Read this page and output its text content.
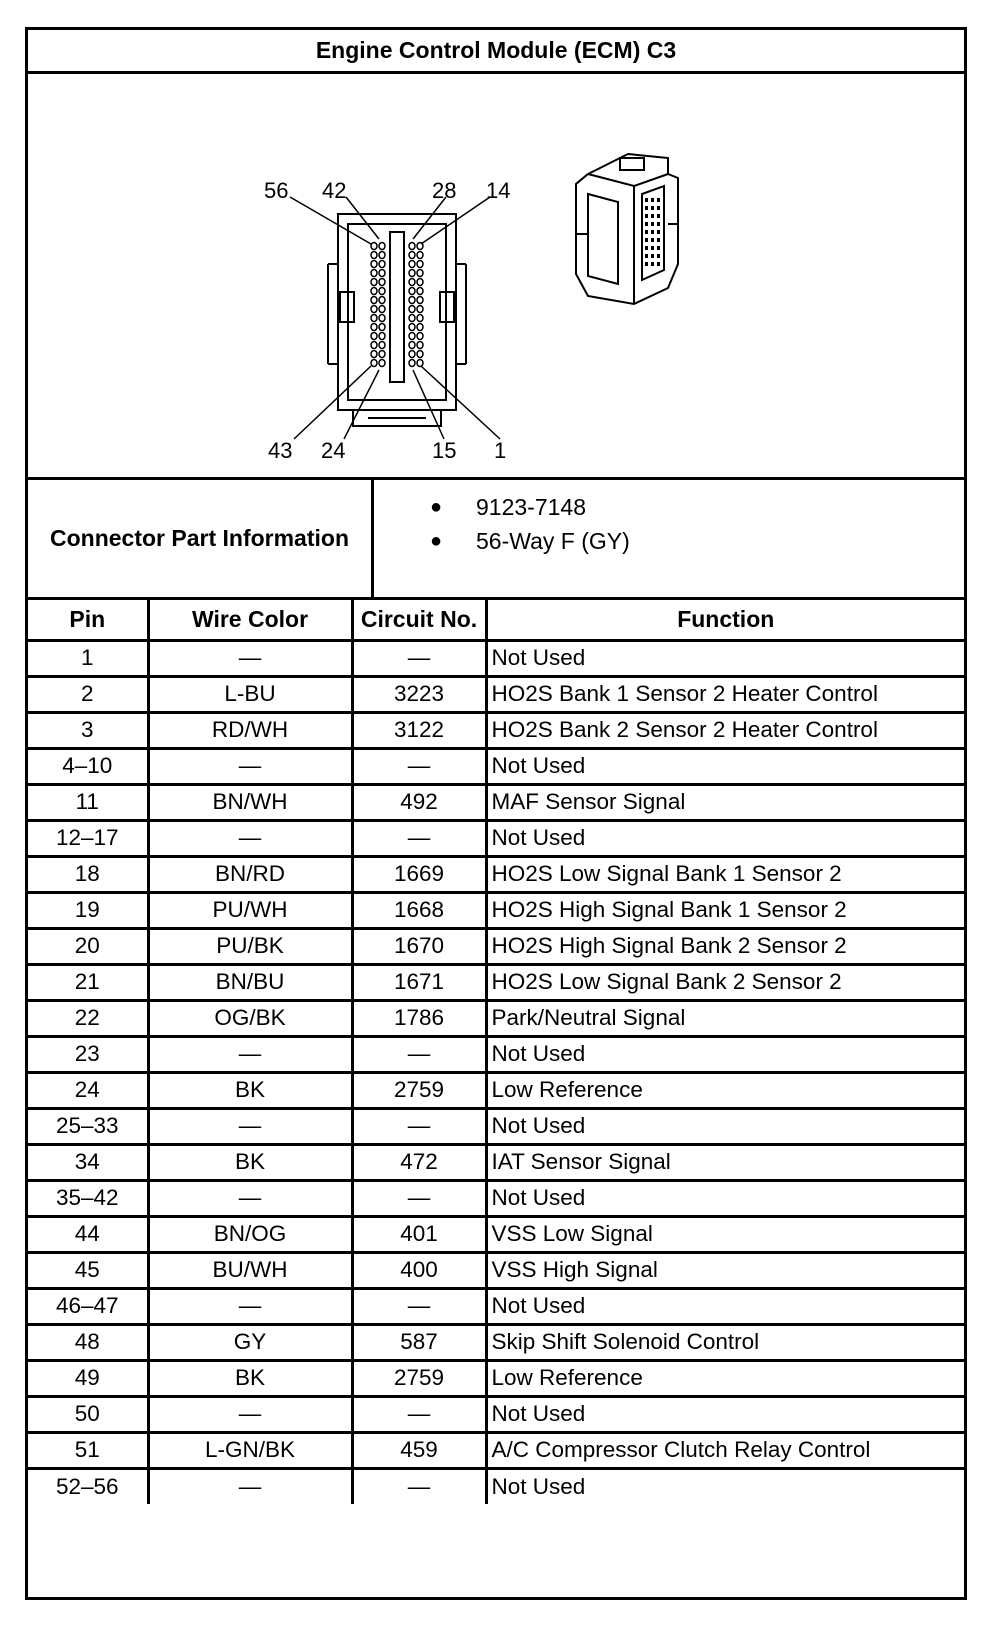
Engine Control Module (ECM) C3
56 42	28 14
43 24	15 1
Connector Part Information
● 9123-7148
● 56-Way F (GY)
Pin	Wire Color	Circuit No.	Function
1	—	—	Not Used
2	L-BU	3223	HO2S Bank 1 Sensor 2 Heater Control
3	RD/WH	3122	HO2S Bank 2 Sensor 2 Heater Control
4–10	—	—	Not Used
11	BN/WH	492	MAF Sensor Signal
12–17	—	—	Not Used
18	BN/RD	1669	HO2S Low Signal Bank 1 Sensor 2
19	PU/WH	1668	HO2S High Signal Bank 1 Sensor 2
20	PU/BK	1670	HO2S High Signal Bank 2 Sensor 2
21	BN/BU	1671	HO2S Low Signal Bank 2 Sensor 2
22	OG/BK	1786	Park/Neutral Signal
23	—	—	Not Used
24	BK	2759	Low Reference
25–33	—	—	Not Used
34	BK	472	IAT Sensor Signal
35–42	—	—	Not Used
44	BN/OG	401	VSS Low Signal
45	BU/WH	400	VSS High Signal
46–47	—	—	Not Used
48	GY	587	Skip Shift Solenoid Control
49	BK	2759	Low Reference
50	—	—	Not Used
51	L-GN/BK	459	A/C Compressor Clutch Relay Control
52–56	—	—	Not Used
